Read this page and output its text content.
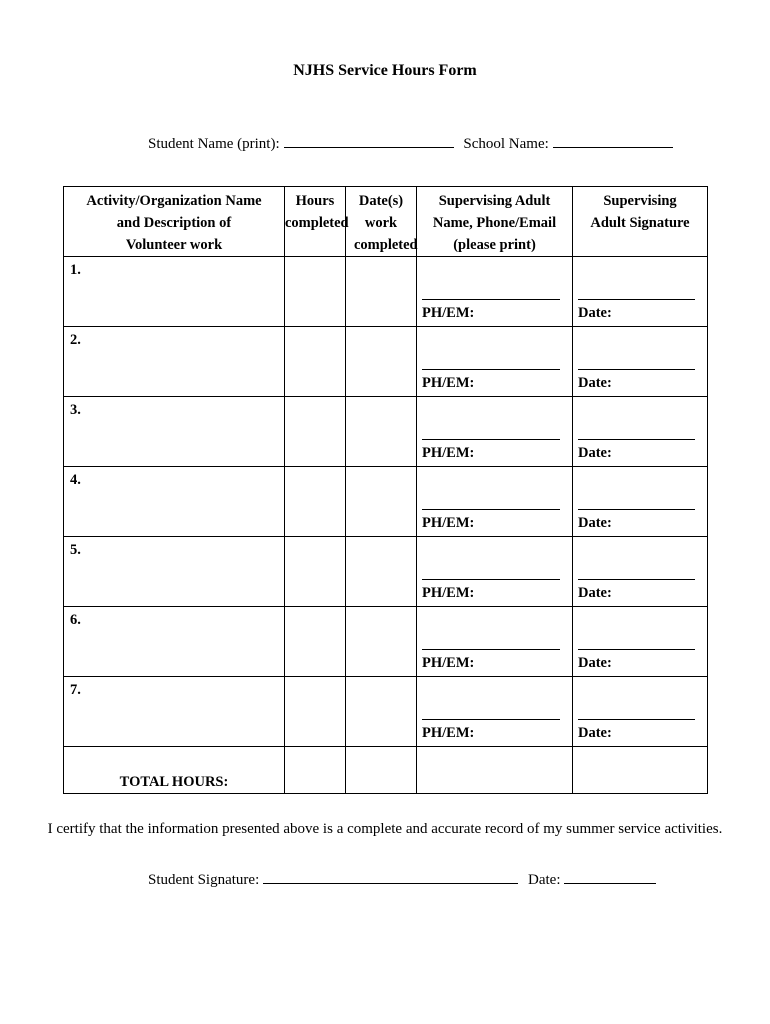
NJHS Service Hours Form
Student Name (print):	School Name:
Activity/Organization Name and Description of Volunteer work	Hours completed	Date(s) work completed	Supervising Adult Name, Phone/Email (please print)	Supervising Adult Signature
1.			PH/EM:	Date:

2.			PH/EM:	Date:

3.			PH/EM:	Date:

4.			PH/EM:	Date:

5.			PH/EM:	Date:

6.			PH/EM:	Date:

7.			PH/EM:	Date:

TOTAL HOURS:				
I certify that the information presented above is a complete and accurate record of my summer service activities.
Student Signature:	Date:
